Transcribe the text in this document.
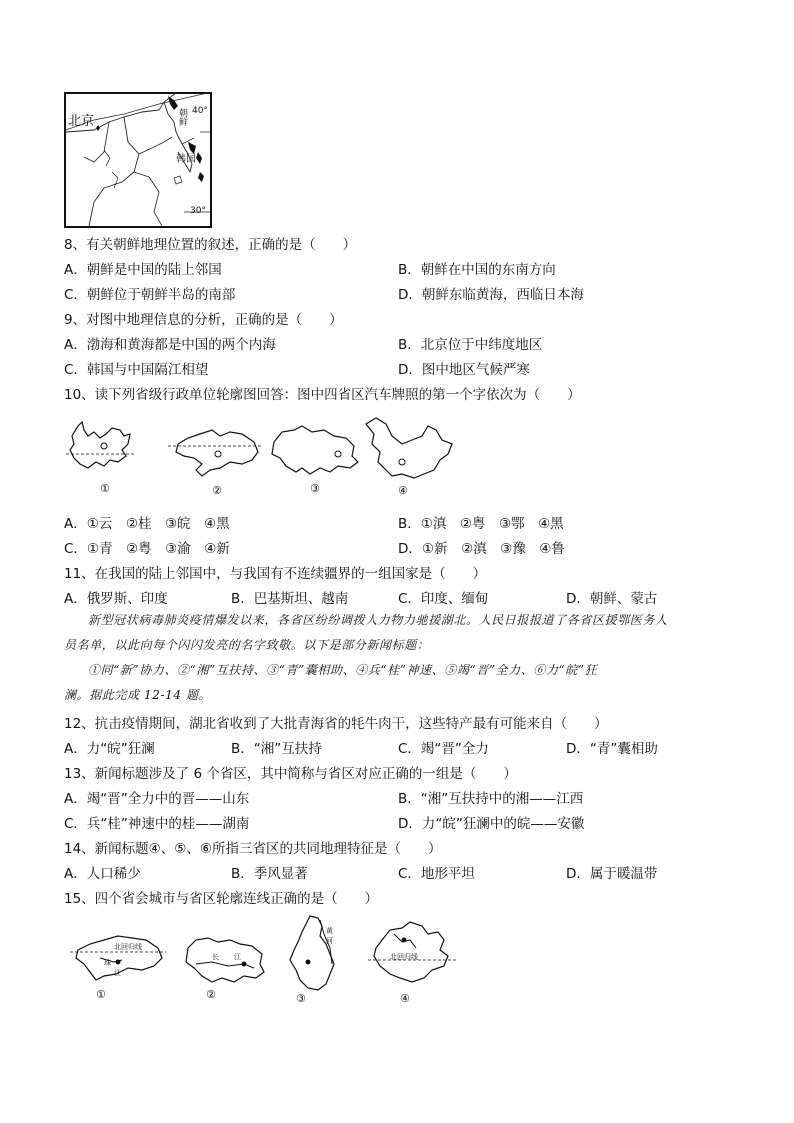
北京	朝鲜
韩国
40°
30°
8、有关朝鲜地理位置的叙述，正确的是（　　）
A．朝鲜是中国的陆上邻国	B．朝鲜在中国的东南方向
C．朝鲜位于朝鲜半岛的南部	D．朝鲜东临黄海，西临日本海
9、对图中地理信息的分析，正确的是（　　）
A．渤海和黄海都是中国的两个内海	B．北京位于中纬度地区
C．韩国与中国隔江相望	D．图中地区气候严寒
10、读下列省级行政单位轮廓图回答：图中四省区汽车牌照的第一个字依次为（　　）
①	②	③	④
A．①云　②桂　③皖　④黑	B．①滇　②粤　③鄂　④黑
C．①青　②粤　③渝　④新	D．①新　②滇　③豫　④鲁
11、在我国的陆上邻国中，与我国有不连续疆界的一组国家是（　　）
A．俄罗斯、印度	B．巴基斯坦、越南	C．印度、缅甸	D．朝鲜、蒙古

新型冠状病毒肺炎疫情爆发以来，各省区纷纷调拨人力物力驰援湖北。人民日报报道了各省区援鄂医务人

员名单，以此向每个闪闪发亮的名字致敬。以下是部分新闻标题：

①同“新”协力、②“湘”互扶持、③“青”囊相助、④兵“桂”神速、⑤竭“晋”全力、⑥力“皖”狂

澜。据此完成 12-14 题。

12、抗击疫情期间，湖北省收到了大批青海省的牦牛肉干，这些特产最有可能来自（　　）
A．力“皖”狂澜	B．“湘”互扶持	C．竭“晋”全力	D．“青”囊相助
13、新闻标题涉及了 6 个省区，其中简称与省区对应正确的一组是（　　）
A．竭“晋”全力中的晋——山东	B．“湘”互扶持中的湘——江西
C．兵“桂”神速中的桂——湖南	D．力“皖”狂澜中的皖——安徽
14、新闻标题④、⑤、⑥所指三省区的共同地理特征是（　　）
A．人口稀少	B．季风显著	C．地形平坦	D．属于暖温带
15、四个省会城市与省区轮廓连线正确的是（　　）
北回归线
珠
江
①
长 江
②
黄
河
③
北回归线
④
